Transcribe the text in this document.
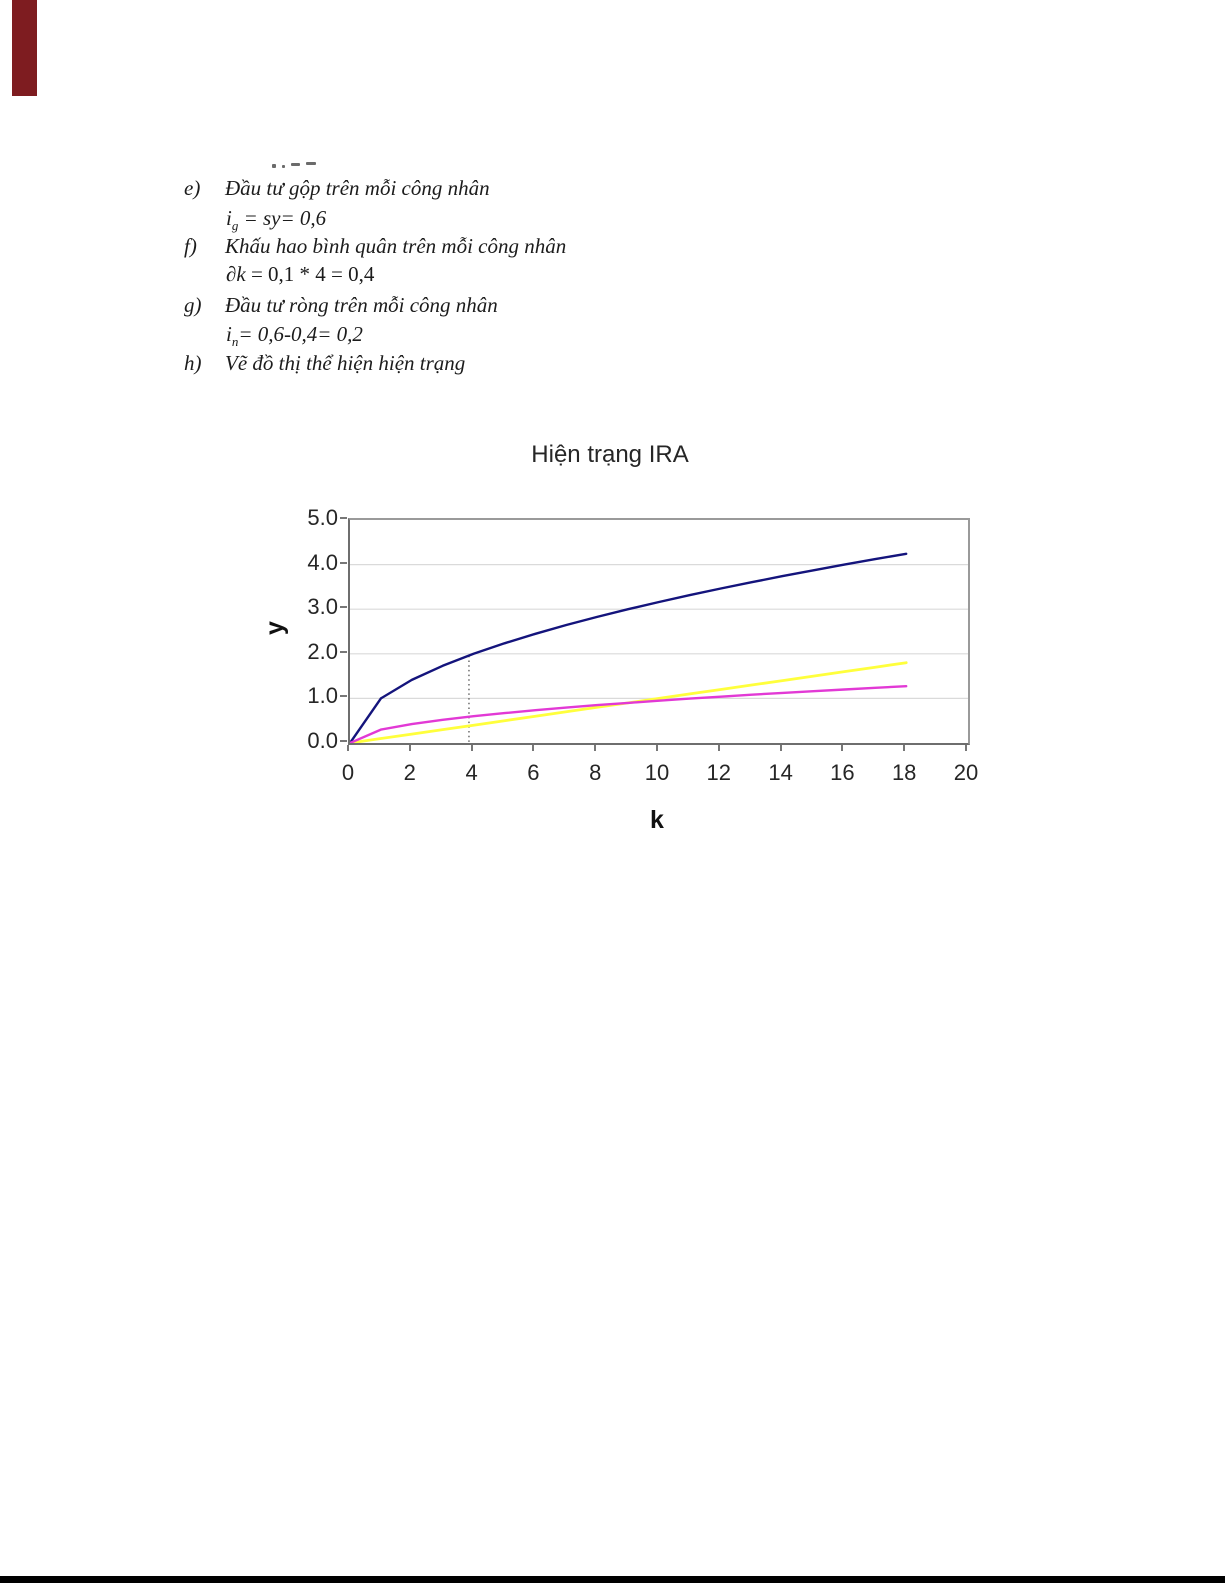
e) Đầu tư gộp trên mỗi công nhân
$i_g = sy= 0,6$
f) Khấu hao bình quân trên mỗi công nhân
∂k = 0,1 * 4 = 0,4
g) Đầu tư ròng trên mỗi công nhân
$i_n= 0,6-0,4= 0,2$
h) Vẽ đồ thị thể hiện hiện trạng
Hiện trạng IRA
y
k
0.0
1.0
2.0
3.0
4.0
5.0
0 2 4 6 8 10 12 14 16 18 20
